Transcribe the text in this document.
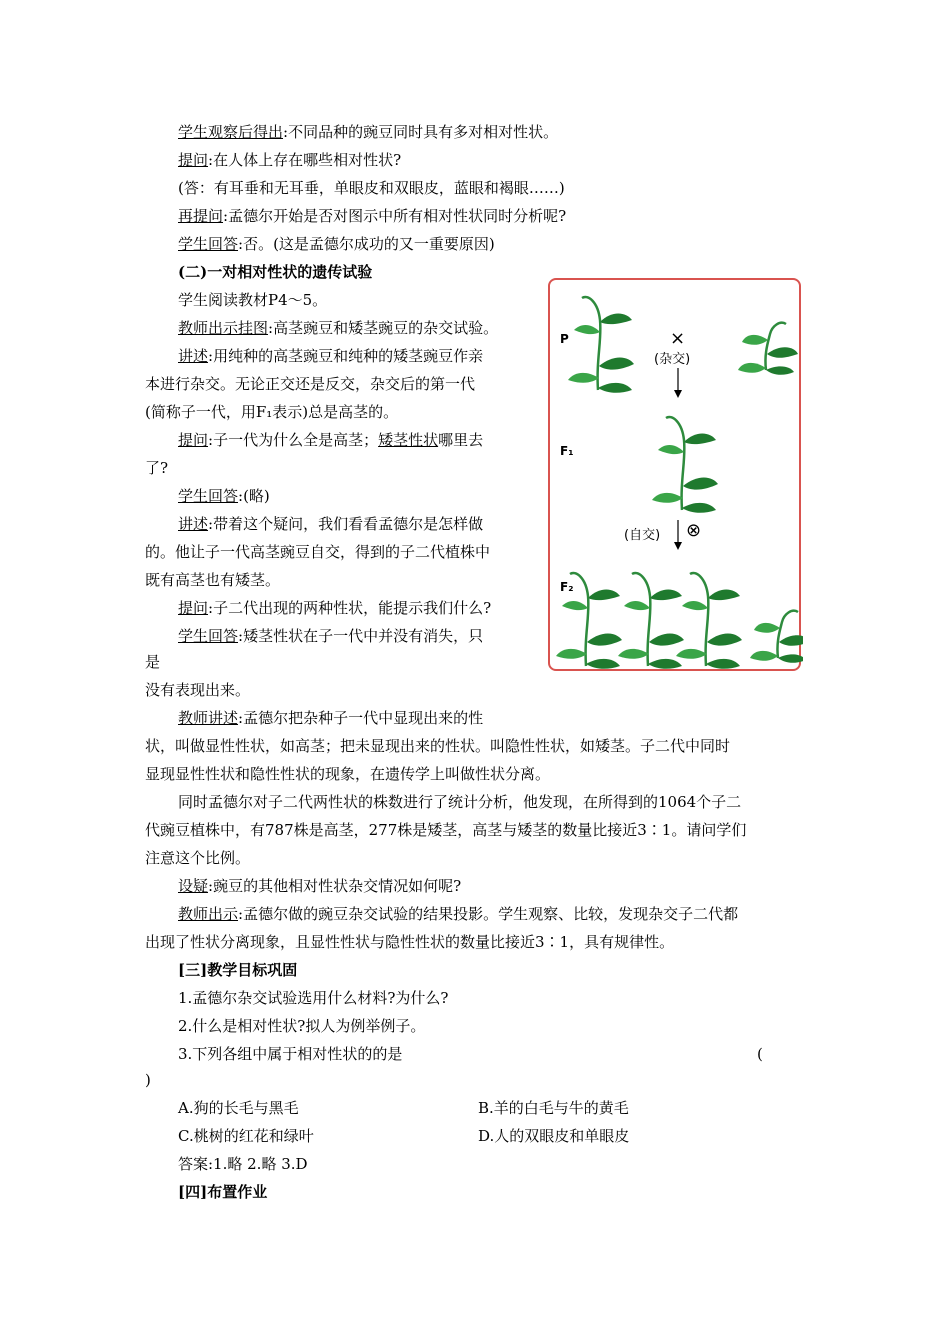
学生观察后得出:不同品种的豌豆同时具有多对相对性状。
提问:在人体上存在哪些相对性状?
(答：有耳垂和无耳垂，单眼皮和双眼皮，蓝眼和褐眼……)
再提问:孟德尔开始是否对图示中所有相对性状同时分析呢?
学生回答:否。(这是孟德尔成功的又一重要原因)
(二)一对相对性状的遗传试验
学生阅读教材P4～5。
教师出示挂图:高茎豌豆和矮茎豌豆的杂交试验。
讲述:用纯种的高茎豌豆和纯种的矮茎豌豆作亲
本进行杂交。无论正交还是反交，杂交后的第一代
(简称子一代，用F₁表示)总是高茎的。
提问:子一代为什么全是高茎；矮茎性状哪里去
了?
学生回答:(略)
讲述:带着这个疑问，我们看看孟德尔是怎样做
的。他让子一代高茎豌豆自交，得到的子二代植株中
既有高茎也有矮茎。
提问:子二代出现的两种性状，能提示我们什么?
学生回答:矮茎性状在子一代中并没有消失，只
是
没有表现出来。
教师讲述:孟德尔把杂种子一代中显现出来的性
状，叫做显性性状，如高茎；把未显现出来的性状。叫隐性性状，如矮茎。子二代中同时
显现显性性状和隐性性状的现象，在遗传学上叫做性状分离。
同时孟德尔对子二代两性状的株数进行了统计分析，他发现，在所得到的1064个子二
代豌豆植株中，有787株是高茎，277株是矮茎，高茎与矮茎的数量比接近3∶1。请问学们
注意这个比例。
设疑:豌豆的其他相对性状杂交情况如何呢?
教师出示:孟德尔做的豌豆杂交试验的结果投影。学生观察、比较，发现杂交子二代都
出现了性状分离现象，且显性性状与隐性性状的数量比接近3∶1，具有规律性。
[三]教学目标巩固
1.孟德尔杂交试验选用什么材料?为什么?
2.什么是相对性状?拟人为例举例子。
3.下列各组中属于相对性状的的是	(
)
A.狗的长毛与黑毛	B.羊的白毛与牛的黄毛
C.桃树的红花和绿叶	D.人的双眼皮和单眼皮
答案:1.略 2.略 3.D
[四]布置作业
P
F₁
F₂
×
(杂交)
(自交) ⊗
